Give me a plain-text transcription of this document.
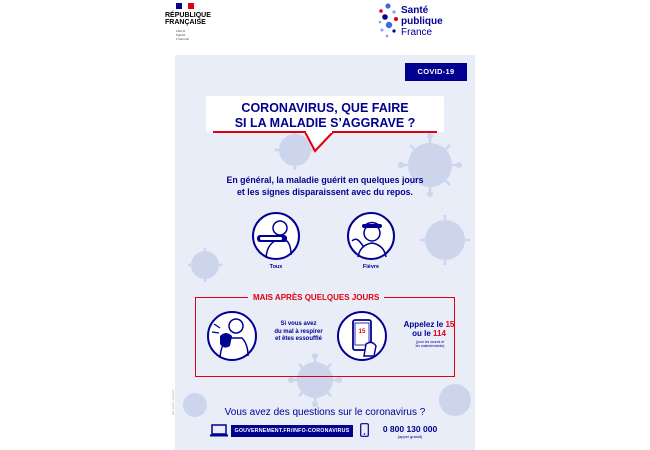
RÉPUBLIQUE
FRANÇAISE
Liberté
Égalité
Fraternité
Santé
publique
France
COVID-19
CORONAVIRUS, QUE FAIRE
SI LA MALADIE S’AGGRAVE ?
En général, la maladie guérit en quelques jours
et les signes disparaissent avec du repos.
Toux	Fièvre
MAIS APRÈS QUELQUES JOURS
Si vous avez
du mal à respirer
et êtes essoufflé
15
Appelez le 15
ou le 114
(pour les sourds et
les malentendants)
Vous avez des questions sur le coronavirus ?
GOUVERNEMENT.FR/INFO-CORONAVIRUS	0 800 130 000
(appel gratuit)
REF. 200306 · 06/03/2020
